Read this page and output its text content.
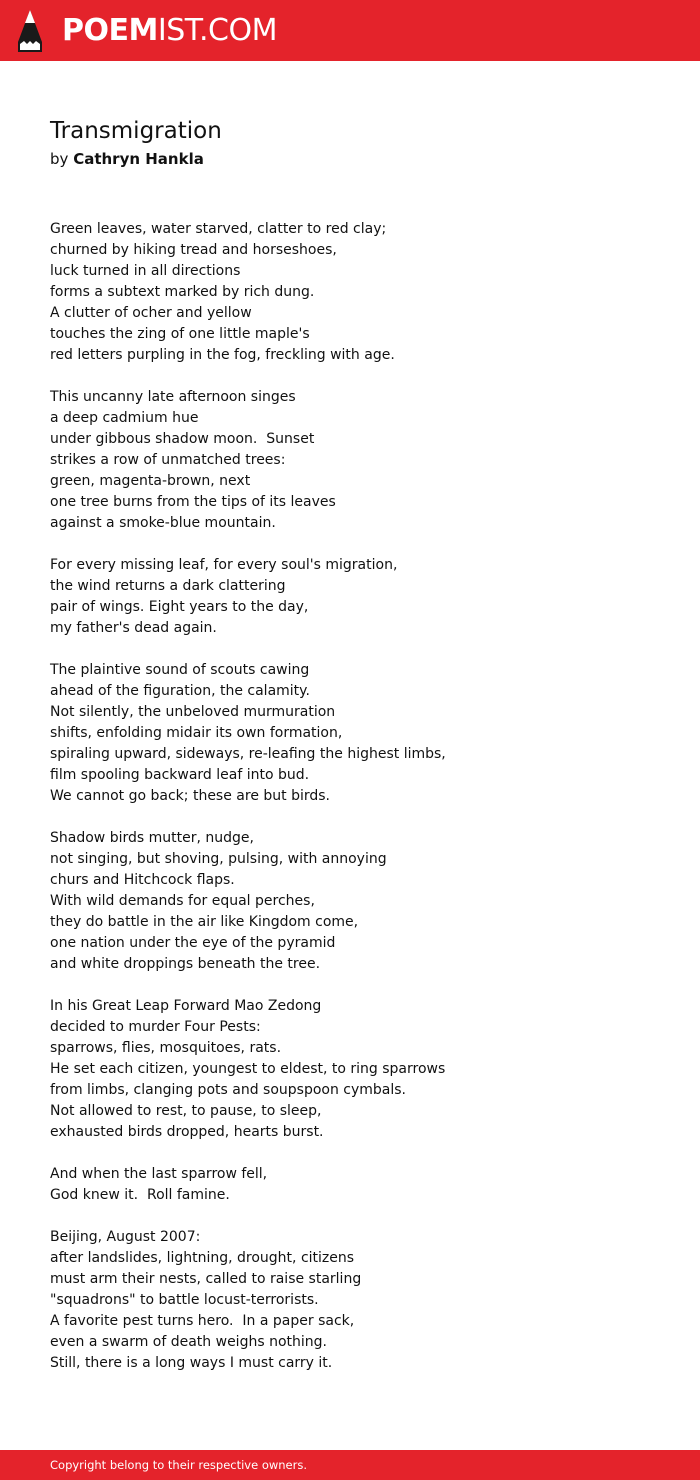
POEMIST.COM
Transmigration
by Cathryn Hankla
Green leaves, water starved, clatter to red clay;
churned by hiking tread and horseshoes,
luck turned in all directions
forms a subtext marked by rich dung.
A clutter of ocher and yellow
touches the zing of one little maple's
red letters purpling in the fog, freckling with age.
This uncanny late afternoon singes
a deep cadmium hue
under gibbous shadow moon.  Sunset
strikes a row of unmatched trees:
green, magenta-brown, next
one tree burns from the tips of its leaves
against a smoke-blue mountain.
For every missing leaf, for every soul's migration,
the wind returns a dark clattering
pair of wings. Eight years to the day,
my father's dead again.
The plaintive sound of scouts cawing
ahead of the figuration, the calamity.
Not silently, the unbeloved murmuration
shifts, enfolding midair its own formation,
spiraling upward, sideways, re-leafing the highest limbs,
film spooling backward leaf into bud.
We cannot go back; these are but birds.
Shadow birds mutter, nudge,
not singing, but shoving, pulsing, with annoying
churs and Hitchcock flaps.
With wild demands for equal perches,
they do battle in the air like Kingdom come,
one nation under the eye of the pyramid
and white droppings beneath the tree.
In his Great Leap Forward Mao Zedong
decided to murder Four Pests:
sparrows, flies, mosquitoes, rats.
He set each citizen, youngest to eldest, to ring sparrows
from limbs, clanging pots and soupspoon cymbals.
Not allowed to rest, to pause, to sleep,
exhausted birds dropped, hearts burst.
And when the last sparrow fell,
God knew it.  Roll famine.
Beijing, August 2007:
after landslides, lightning, drought, citizens
must arm their nests, called to raise starling
"squadrons" to battle locust-terrorists.
A favorite pest turns hero.  In a paper sack,
even a swarm of death weighs nothing.
Still, there is a long ways I must carry it.
Copyright belong to their respective owners.
